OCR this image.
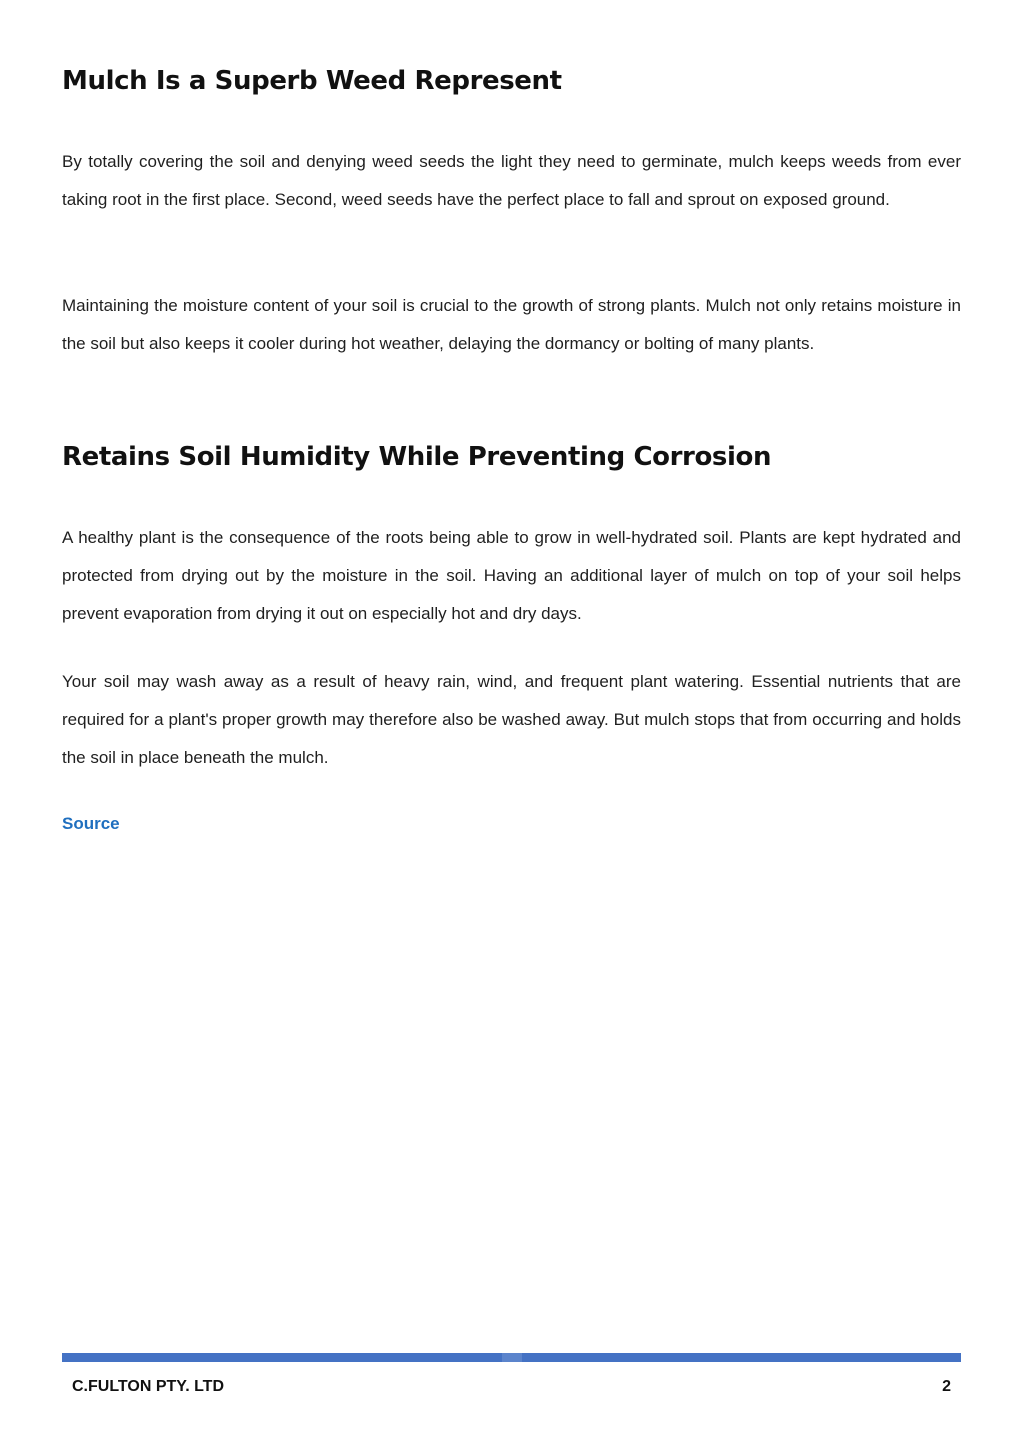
Mulch Is a Superb Weed Represent

By totally covering the soil and denying weed seeds the light they need to germinate, mulch keeps weeds from ever taking root in the first place. Second, weed seeds have the perfect place to fall and sprout on exposed ground.

Maintaining the moisture content of your soil is crucial to the growth of strong plants. Mulch not only retains moisture in the soil but also keeps it cooler during hot weather, delaying the dormancy or bolting of many plants.

Retains Soil Humidity While Preventing Corrosion

A healthy plant is the consequence of the roots being able to grow in well-hydrated soil. Plants are kept hydrated and protected from drying out by the moisture in the soil. Having an additional layer of mulch on top of your soil helps prevent evaporation from drying it out on especially hot and dry days.

Your soil may wash away as a result of heavy rain, wind, and frequent plant watering. Essential nutrients that are required for a plant's proper growth may therefore also be washed away. But mulch stops that from occurring and holds the soil in place beneath the mulch.

Source
C.FULTON PTY. LTD	2
